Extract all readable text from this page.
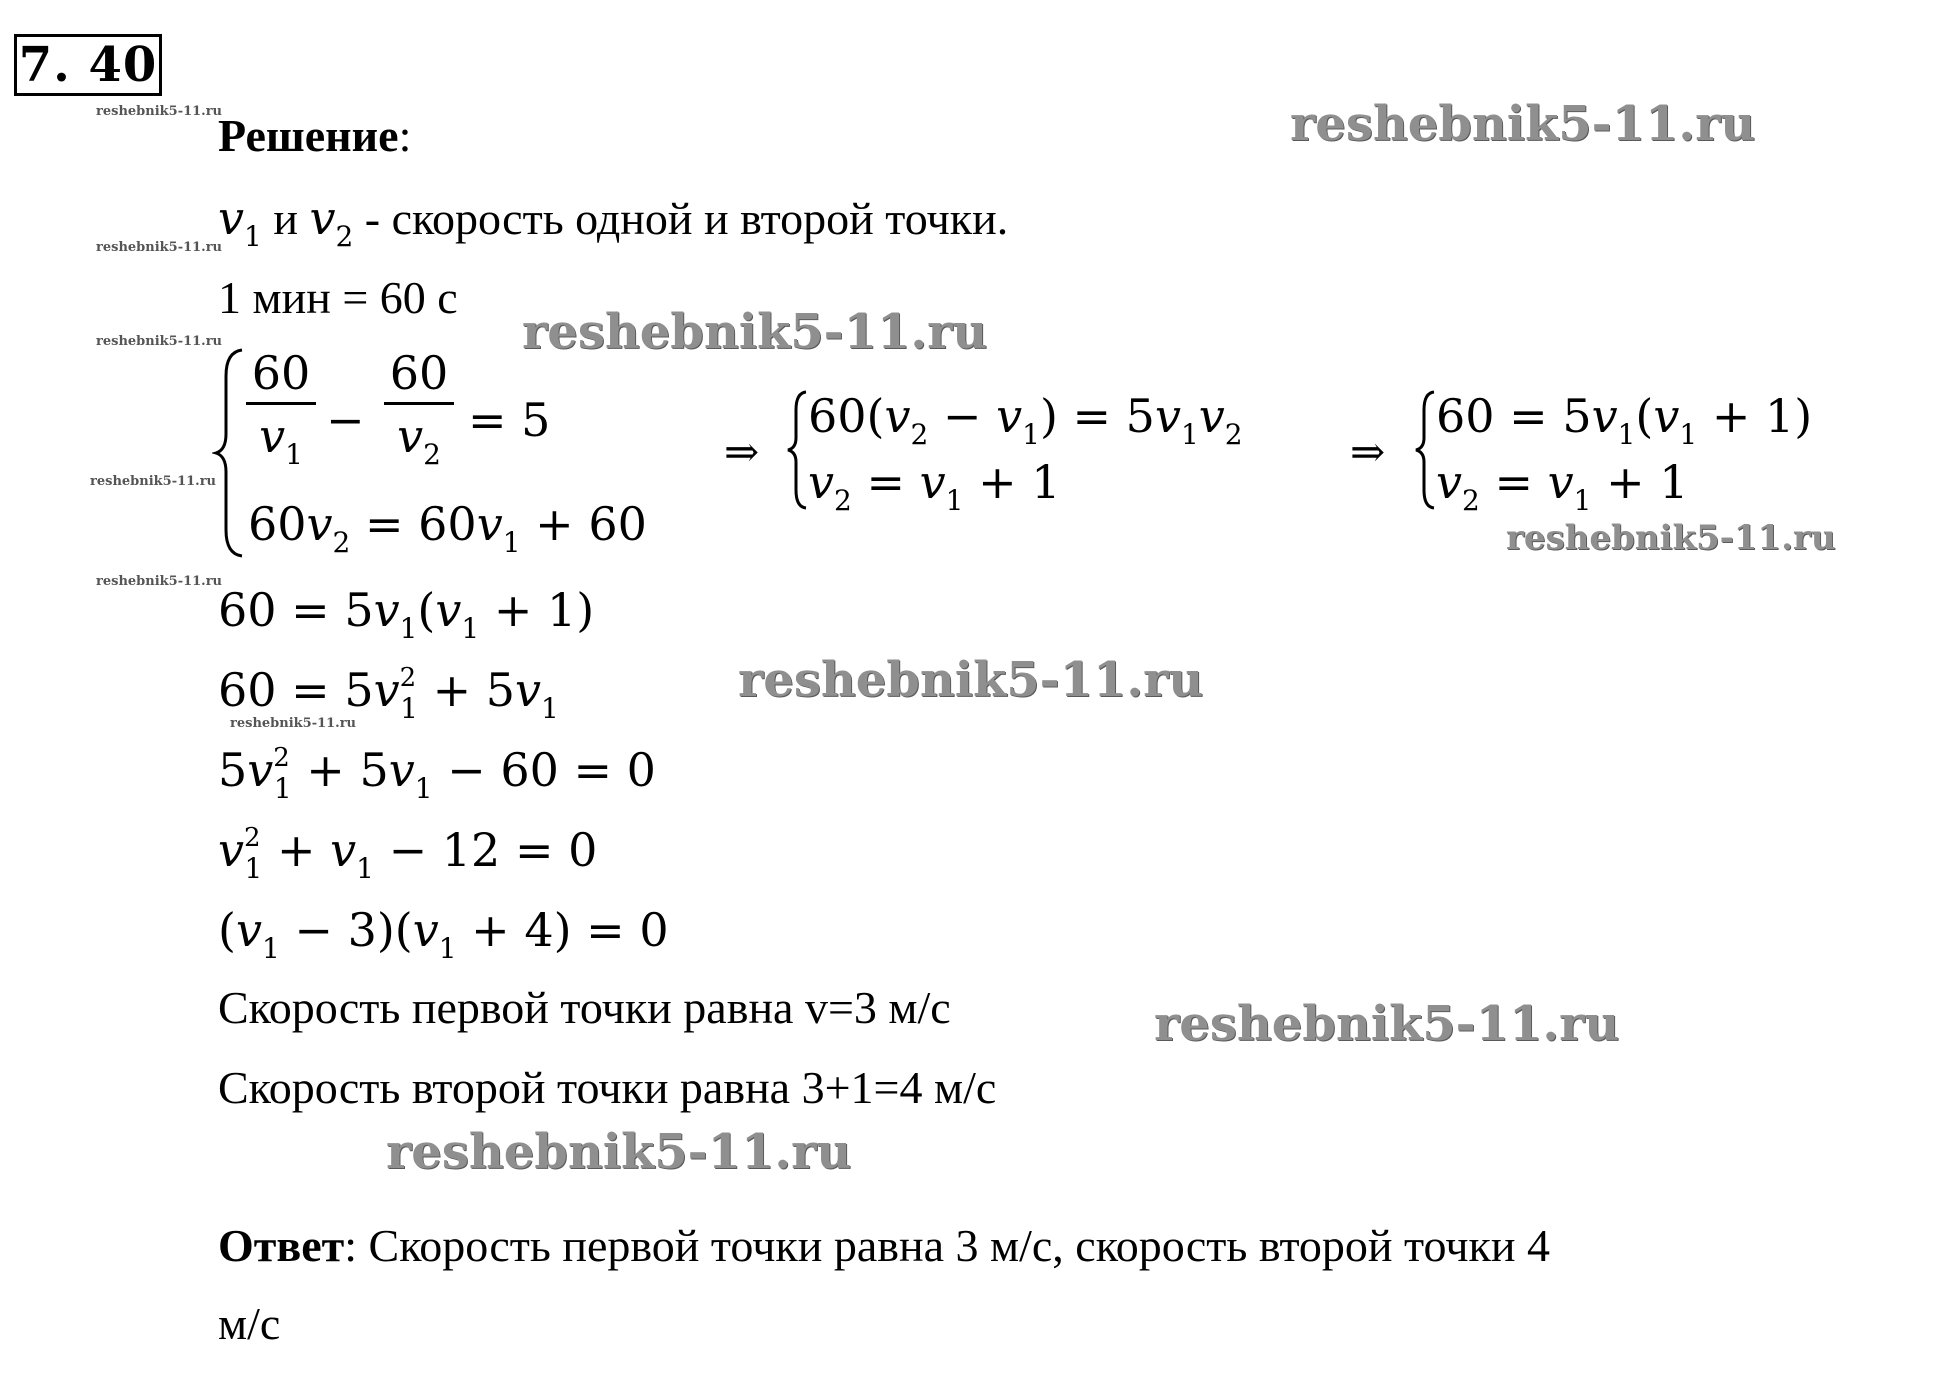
7. 40
reshebnik5-11.ru
reshebnik5-11.ru
reshebnik5-11.ru
reshebnik5-11.ru
reshebnik5-11.ru
reshebnik5-11.ru
Решение:
$v_1$ и $v_2$ - скорость одной и второй точки.
1 мин = 60 с
60
$v_1$
−
60
$v_2$
= 5
$60v_2 = 60v_1 + 60$
⇒
$60(v_2 - v_1) = 5v_1v_2$
$v_2 = v_1 + 1$
⇒
$60 = 5v_1(v_1 + 1)$
$v_2 = v_1 + 1$
$60 = 5v_1(v_1 + 1)$
$60 = 5v^2_1 + 5v_1$
$5v^2_1 + 5v_1 - 60 = 0$
$v^2_1 + v_1 - 12 = 0$
$(v_1 - 3)(v_1 + 4) = 0$
Скорость первой точки равна v=3 м/с
Скорость второй точки равна 3+1=4 м/с
Ответ: Скорость первой точки равна 3 м/с, скорость второй точки 4
м/с
reshebnik5-11.ru
reshebnik5-11.ru
reshebnik5-11.ru
reshebnik5-11.ru
reshebnik5-11.ru
reshebnik5-11.ru
